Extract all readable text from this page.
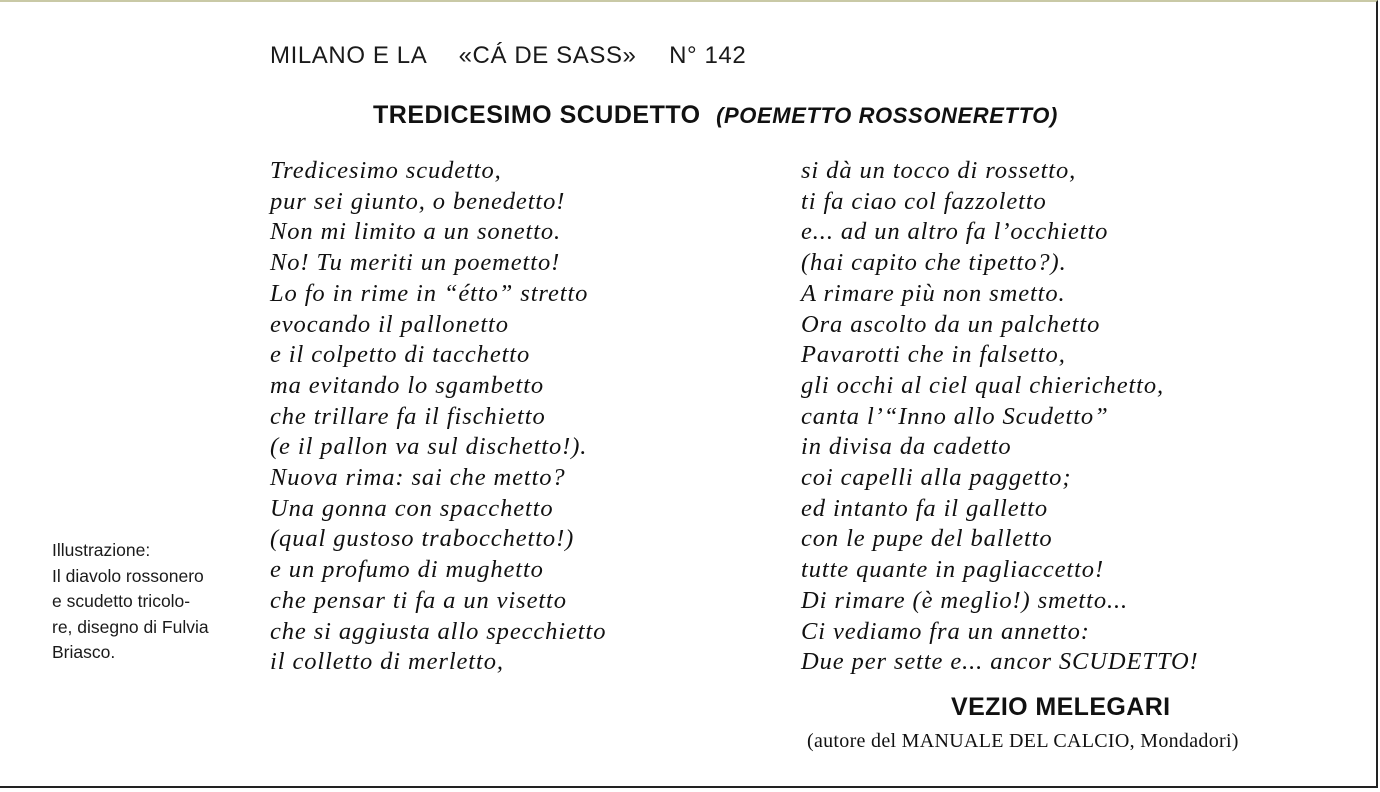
MILANO E LA «CÁ DE SASS» N° 142
TREDICESIMO SCUDETTO (POEMETTO ROSSONERETTO)
Tredicesimo scudetto,
pur sei giunto, o benedetto!
Non mi limito a un sonetto.
No! Tu meriti un poemetto!
Lo fo in rime in “étto” stretto
evocando il pallonetto
e il colpetto di tacchetto
ma evitando lo sgambetto
che trillare fa il fischietto
(e il pallon va sul dischetto!).
Nuova rima: sai che metto?
Una gonna con spacchetto
(qual gustoso trabocchetto!)
e un profumo di mughetto
che pensar ti fa a un visetto
che si aggiusta allo specchietto
il colletto di merletto,
si dà un tocco di rossetto,
ti fa ciao col fazzoletto
e... ad un altro fa l’occhietto
(hai capito che tipetto?).
A rimare più non smetto.
Ora ascolto da un palchetto
Pavarotti che in falsetto,
gli occhi al ciel qual chierichetto,
canta l’“Inno allo Scudetto”
in divisa da cadetto
coi capelli alla paggetto;
ed intanto fa il galletto
con le pupe del balletto
tutte quante in pagliaccetto!
Di rimare (è meglio!) smetto...
Ci vediamo fra un annetto:
Due per sette e... ancor SCUDETTO!
Illustrazione:
Il diavolo rossonero
e scudetto tricolo-
re, disegno di Fulvia
Briasco.
VEZIO MELEGARI
(autore del MANUALE DEL CALCIO, Mondadori)
